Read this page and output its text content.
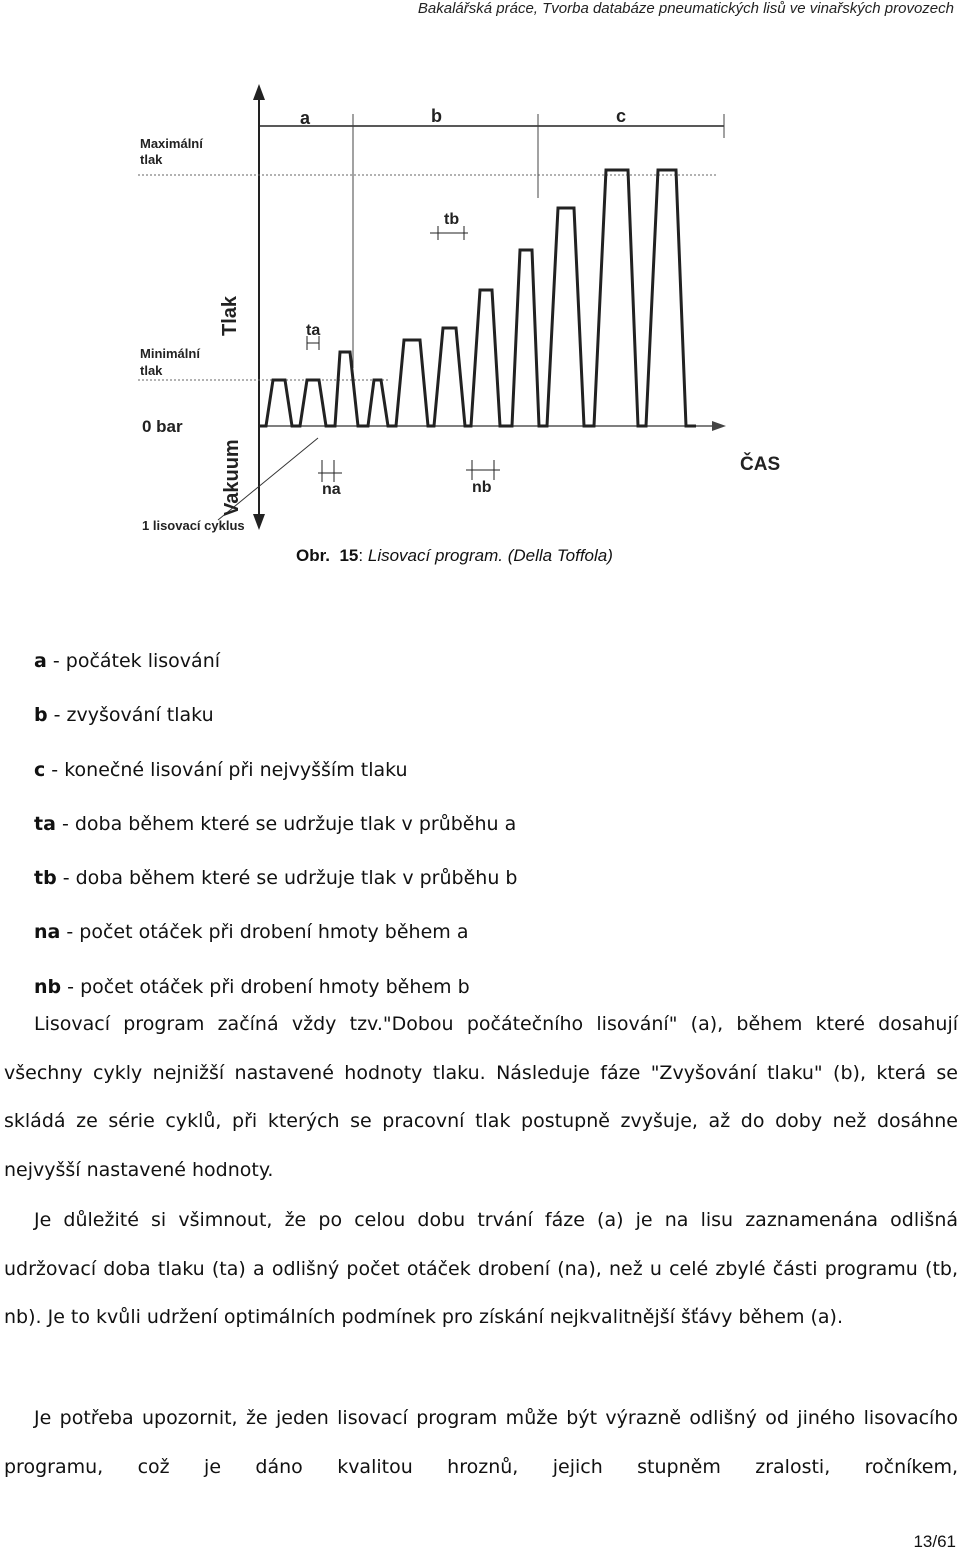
Bakalářská práce, Tvorba databáze pneumatických lisů ve vinařských provozech
a	b	c
Maximální
tlak
Minimální
tlak
0 bar
Tlak
Vakuum
ta
tb
na	nb
ČAS
1 lisovací cyklus
Obr. 15: Lisovací program. (Della Toffola)
a - počátek lisování
b - zvyšování tlaku
c - konečné lisování při nejvyšším tlaku
ta - doba během které se udržuje tlak v průběhu a
tb - doba během které se udržuje tlak v průběhu b
na - počet otáček při drobení hmoty během a
nb - počet otáček při drobení hmoty během b
Lisovací program začíná vždy tzv."Dobou počátečního lisování" (a), během které dosahují všechny cykly nejnižší nastavené hodnoty tlaku. Následuje fáze "Zvyšování tlaku" (b), která se skládá ze série cyklů, při kterých se pracovní tlak postupně zvyšuje, až do doby než dosáhne nejvyšší nastavené hodnoty.
Je důležité si všimnout, že po celou dobu trvání fáze (a) je na lisu zaznamenána odlišná udržovací doba tlaku (ta) a odlišný počet otáček drobení (na), než u celé zbylé části programu (tb, nb). Je to kvůli udržení optimálních podmínek pro získání nejkvalitnější šťávy během (a).
Je potřeba upozornit, že jeden lisovací program může být výrazně odlišný od jiného lisovacího programu, což je dáno kvalitou hroznů, jejich stupněm zralosti, ročníkem,
13/61
